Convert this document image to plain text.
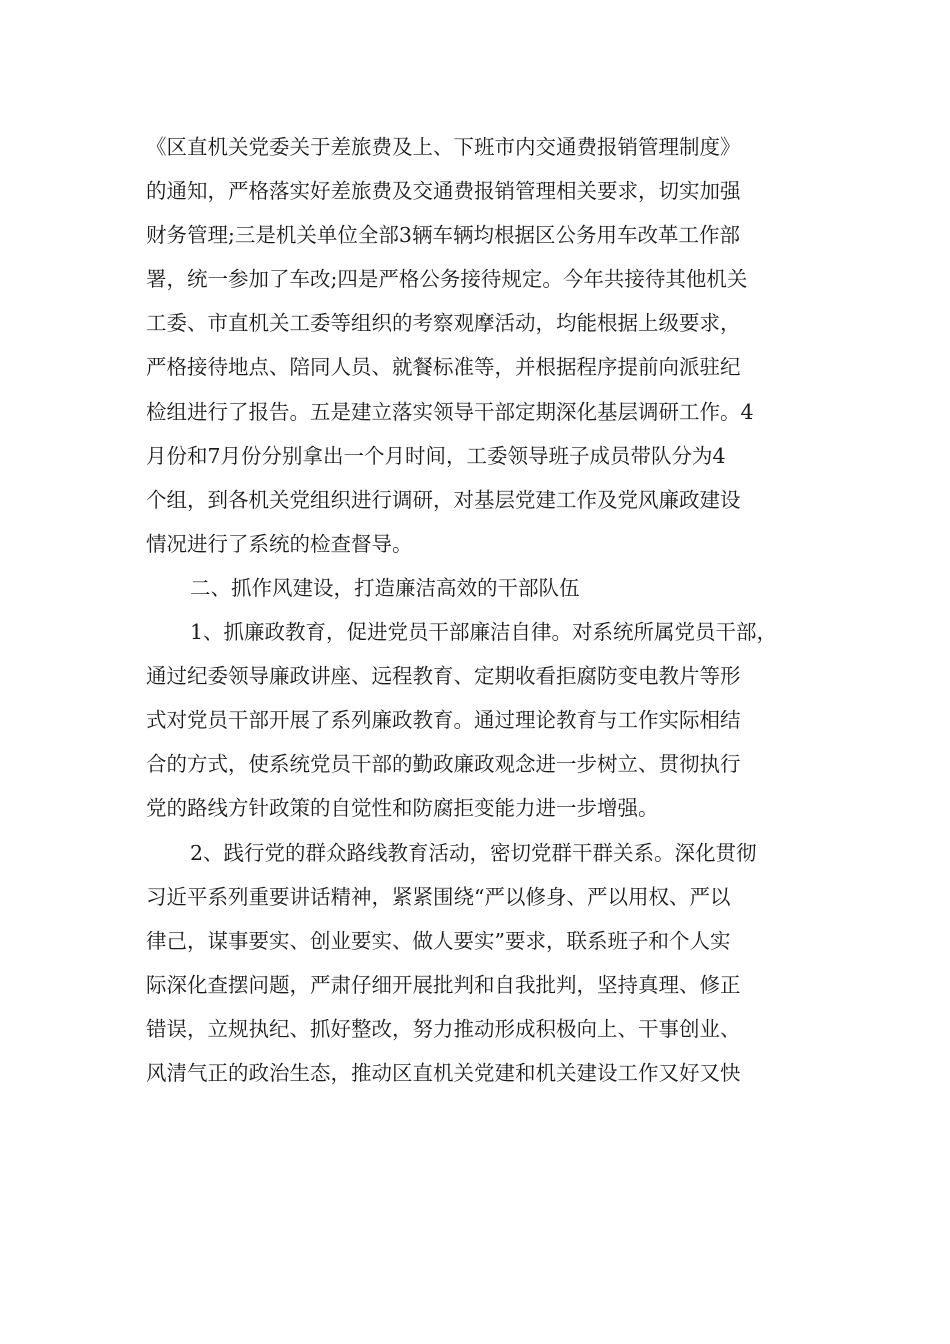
《区直机关党委关于差旅费及上、下班市内交通费报销管理制度》
的通知，严格落实好差旅费及交通费报销管理相关要求，切实加强
财务管理;三是机关单位全部3辆车辆均根据区公务用车改革工作部
署，统一参加了车改;四是严格公务接待规定。今年共接待其他机关
工委、市直机关工委等组织的考察观摩活动，均能根据上级要求，
严格接待地点、陪同人员、就餐标准等，并根据程序提前向派驻纪
检组进行了报告。五是建立落实领导干部定期深化基层调研工作。4
月份和7月份分别拿出一个月时间，工委领导班子成员带队分为4
个组，到各机关党组织进行调研，对基层党建工作及党风廉政建设
情况进行了系统的检查督导。
二、抓作风建设，打造廉洁高效的干部队伍
1、抓廉政教育，促进党员干部廉洁自律。对系统所属党员干部，
通过纪委领导廉政讲座、远程教育、定期收看拒腐防变电教片等形
式对党员干部开展了系列廉政教育。通过理论教育与工作实际相结
合的方式，使系统党员干部的勤政廉政观念进一步树立、贯彻执行
党的路线方针政策的自觉性和防腐拒变能力进一步增强。
2、践行党的群众路线教育活动，密切党群干群关系。深化贯彻
习近平系列重要讲话精神，紧紧围绕“严以修身、严以用权、严以
律己，谋事要实、创业要实、做人要实”要求，联系班子和个人实
际深化查摆问题，严肃仔细开展批判和自我批判，坚持真理、修正
错误，立规执纪、抓好整改，努力推动形成积极向上、干事创业、
风清气正的政治生态，推动区直机关党建和机关建设工作又好又快
